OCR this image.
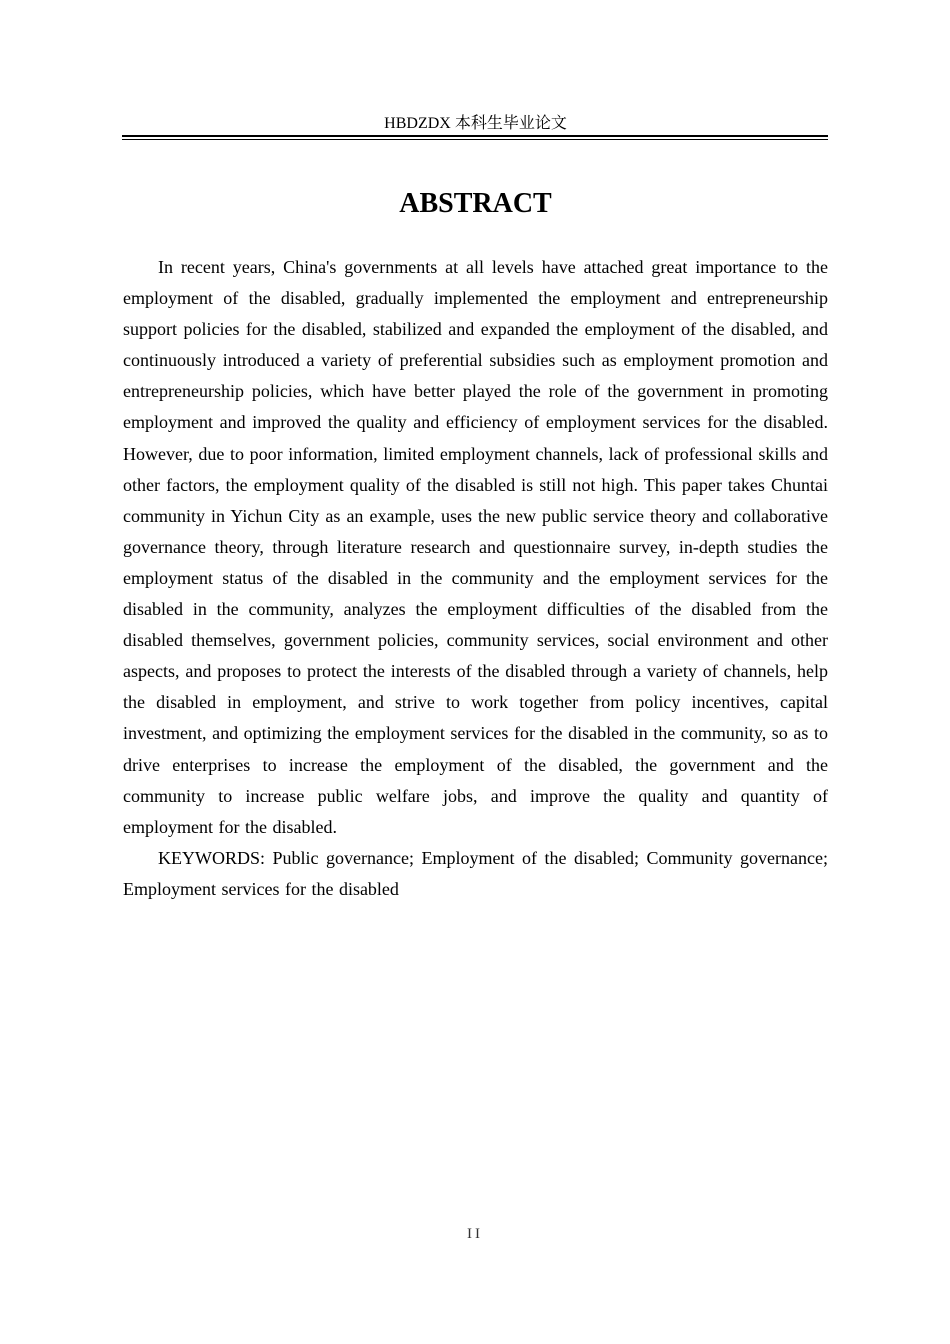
HBDZDX 本科生毕业论文
ABSTRACT

In recent years, China's governments at all levels have attached great importance to the employment of the disabled, gradually implemented the employment and entrepreneurship support policies for the disabled, stabilized and expanded the employment of the disabled, and continuously introduced a variety of preferential subsidies such as employment promotion and entrepreneurship policies, which have better played the role of the government in promoting employment and improved the quality and efficiency of employment services for the disabled. However, due to poor information, limited employment channels, lack of professional skills and other factors, the employment quality of the disabled is still not high. This paper takes Chuntai community in Yichun City as an example, uses the new public service theory and collaborative governance theory, through literature research and questionnaire survey, in-depth studies the employment status of the disabled in the community and the employment services for the disabled in the community, analyzes the employment difficulties of the disabled from the disabled themselves, government policies, community services, social environment and other aspects, and proposes to protect the interests of the disabled through a variety of channels, help the disabled in employment, and strive to work together from policy incentives, capital investment, and optimizing the employment services for the disabled in the community, so as to drive enterprises to increase the employment of the disabled, the government and the community to increase public welfare jobs, and improve the quality and quantity of employment for the disabled.

KEYWORDS: Public governance; Employment of the disabled; Community governance; Employment services for the disabled

II
